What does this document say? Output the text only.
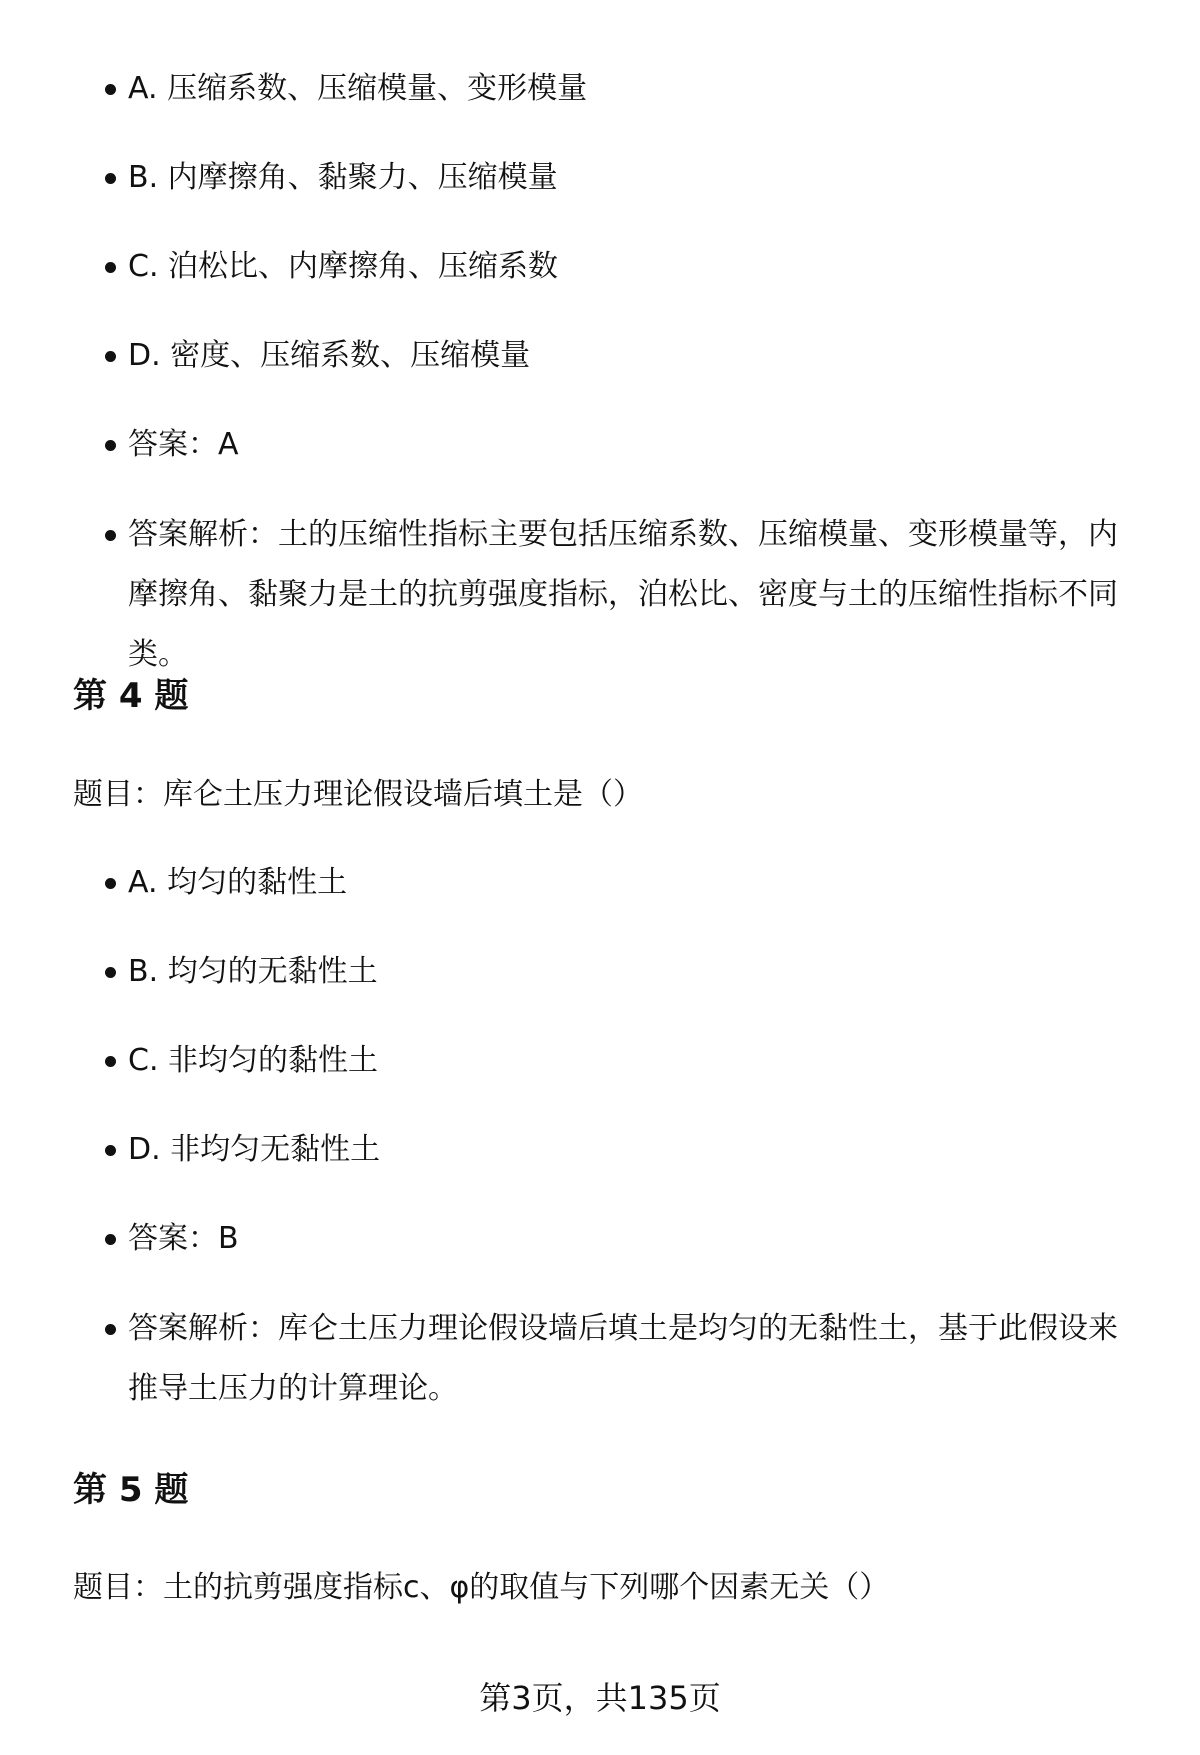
A. 压缩系数、压缩模量、变形模量
B. 内摩擦角、黏聚力、压缩模量
C. 泊松比、内摩擦角、压缩系数
D. 密度、压缩系数、压缩模量
答案：A
答案解析：土的压缩性指标主要包括压缩系数、压缩模量、变形模量等，内摩擦角、黏聚力是土的抗剪强度指标，泊松比、密度与土的压缩性指标不同类。
第 4 题

题目：库仑土压力理论假设墙后填土是（）

A. 均匀的黏性土
B. 均匀的无黏性土
C. 非均匀的黏性土
D. 非均匀无黏性土
答案：B
答案解析：库仑土压力理论假设墙后填土是均匀的无黏性土，基于此假设来推导土压力的计算理论。
第 5 题

题目：土的抗剪强度指标c、φ的取值与下列哪个因素无关（）

第3页，共135页
